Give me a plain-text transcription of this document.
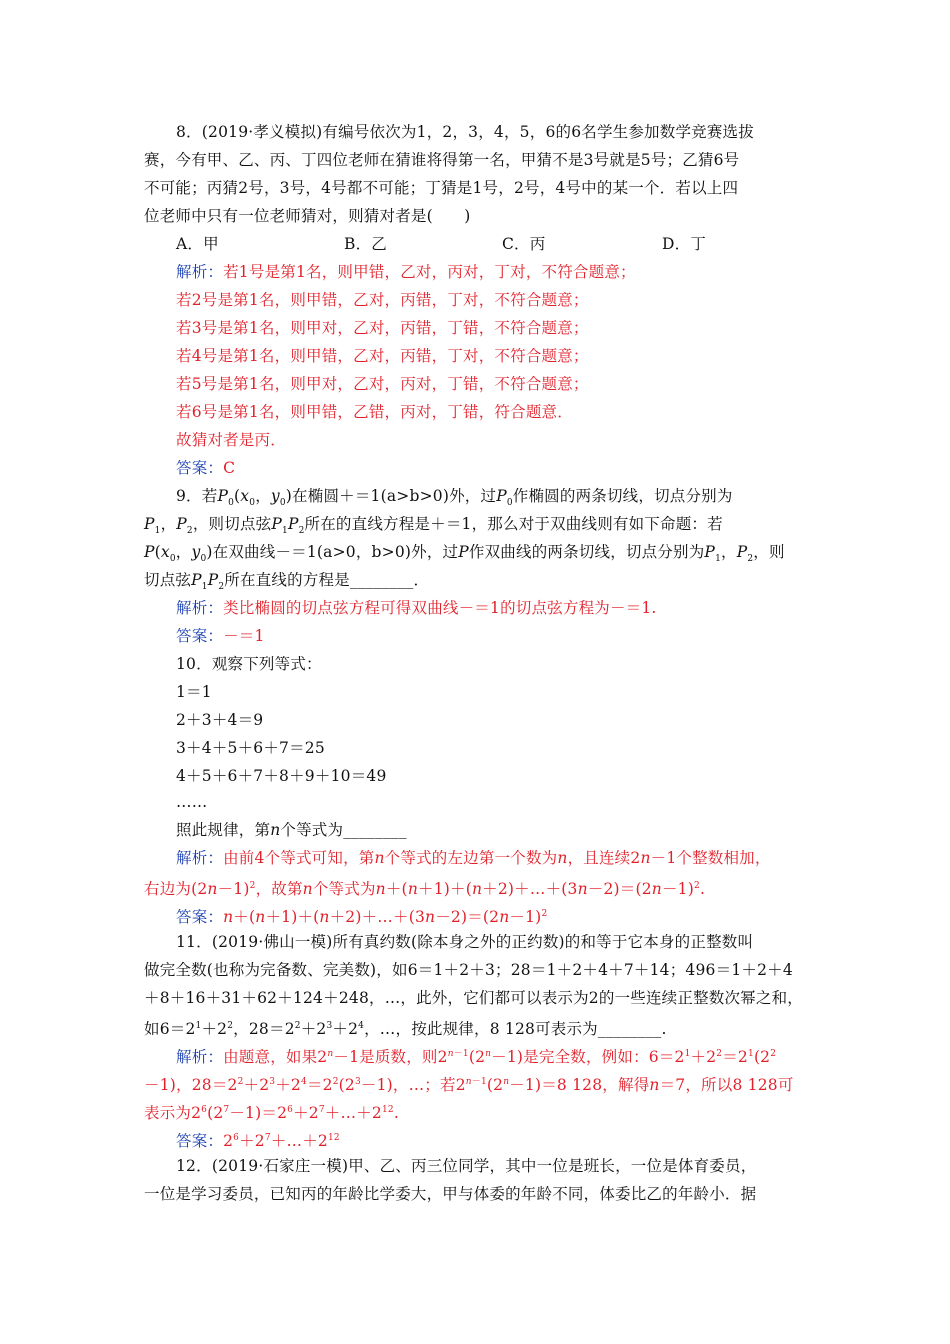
8．(2019·孝义模拟)有编号依次为1，2，3，4，5，6的6名学生参加数学竞赛选拔
赛，今有甲、乙、丙、丁四位老师在猜谁将得第一名，甲猜不是3号就是5号；乙猜6号
不可能；丙猜2号，3号，4号都不可能；丁猜是1号，2号，4号中的某一个．若以上四
位老师中只有一位老师猜对，则猜对者是(　　)
A．甲	B．乙	C．丙	D．丁
解析：若1号是第1名，则甲错，乙对，丙对，丁对，不符合题意；
若2号是第1名，则甲错，乙对，丙错，丁对，不符合题意；
若3号是第1名，则甲对，乙对，丙错，丁错，不符合题意；
若4号是第1名，则甲错，乙对，丙错，丁对，不符合题意；
若5号是第1名，则甲对，乙对，丙对，丁错，不符合题意；
若6号是第1名，则甲错，乙错，丙对，丁错，符合题意．
故猜对者是丙．
答案：C
9．若$P_0(x_0$，$y_0$)在椭圆＋＝1(a>b>0)外，过$P_0$作椭圆的两条切线，切点分别为
$P_1$，$P_2$，则切点弦$P_1P_2$所在的直线方程是＋＝1，那么对于双曲线则有如下命题：若
$P(x_0$，$y_0$)在双曲线－＝1(a>0，b>0)外，过P作双曲线的两条切线，切点分别为$P_1$，$P_2$，则
切点弦$P_1P_2$所在直线的方程是________．
解析：类比椭圆的切点弦方程可得双曲线－＝1的切点弦方程为－＝1.
答案：－＝1
10．观察下列等式：
1＝1
2＋3＋4＝9
3＋4＋5＋6＋7＝25
4＋5＋6＋7＋8＋9＋10＝49
……
照此规律，第n个等式为________
解析：由前4个等式可知，第n个等式的左边第一个数为n，且连续2n－1个整数相加，
右边为$(2n-1)^2$，故第n个等式为$n+(n+1)+(n+2)+\dots+(3n-2)=(2n-1)^2$.
答案：$n+(n+1)+(n+2)+\dots+(3n-2)=(2n-1)^2$
11．(2019·佛山一模)所有真约数(除本身之外的正约数)的和等于它本身的正整数叫
做完全数(也称为完备数、完美数)，如6＝1＋2＋3；28＝1＋2＋4＋7＋14；496＝1＋2＋4
＋8＋16＋31＋62＋124＋248，…，此外，它们都可以表示为2的一些连续正整数次幂之和，
如$6=2^1+2^2$，$28=2^2+2^3+2^4$，…，按此规律，8 128可表示为________.
解析：由题意，如果$2^n-1$是质数，则$2^{n-1}(2^n-1)$是完全数，例如：$6=2^1+2^2=2^1(2^2$
－1)，$28=2^2+2^3+2^4=2^2(2^3-1)$，…；若$2^{n-1}(2^n-1)=8$ 128，解得n＝7，所以8 128可
表示为$2^6(2^7-1)=2^6+2^7+\dots+2^{12}$.
答案：$2^6+2^7+\dots+2^{12}$
12．(2019·石家庄一模)甲、乙、丙三位同学，其中一位是班长，一位是体育委员，
一位是学习委员，已知丙的年龄比学委大，甲与体委的年龄不同，体委比乙的年龄小．据
